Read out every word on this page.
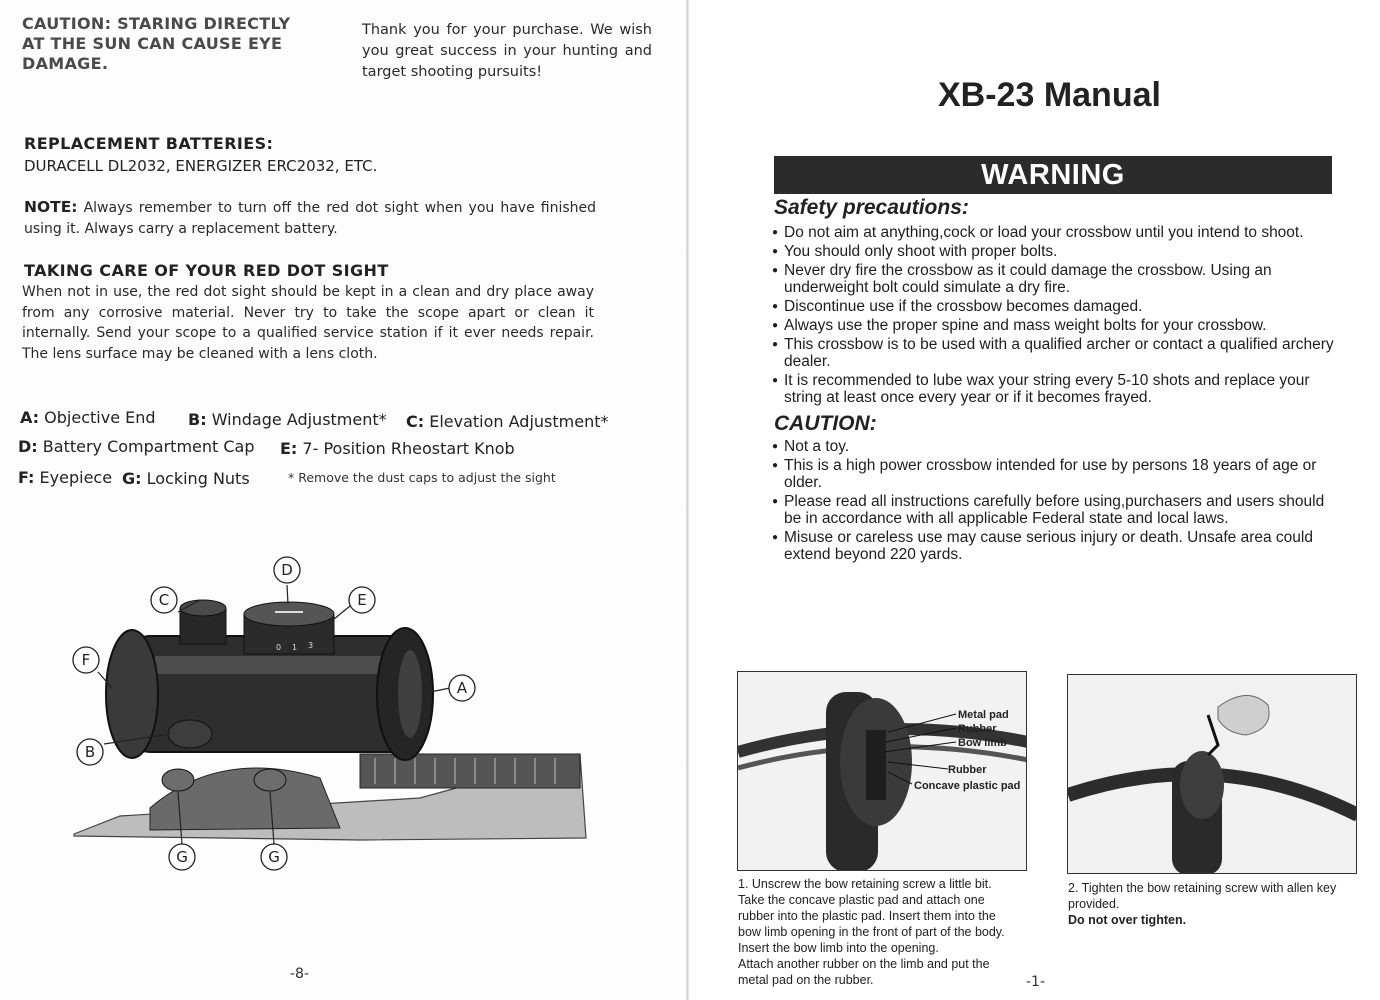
CAUTION: STARING DIRECTLY
AT THE SUN CAN CAUSE EYE
DAMAGE.
Thank you for your purchase. We wish you great success in your hunting and target shooting pursuits!
REPLACEMENT BATTERIES:
DURACELL DL2032, ENERGIZER ERC2032, ETC.
NOTE: Always remember to turn off the red dot sight when you have finished using it. Always carry a replacement battery.
TAKING CARE OF YOUR RED DOT SIGHT
When not in use, the red dot sight should be kept in a clean and dry place away from any corrosive material. Never try to take the scope apart or clean it internally. Send your scope to a qualified service station if it ever needs repair. The lens surface may be cleaned with a lens cloth.
A: Objective End B: Windage Adjustment* C: Elevation Adjustment*
D: Battery Compartment Cap E: 7- Position Rheostart Knob
F: Eyepiece G: Locking Nuts	* Remove the dust caps to adjust the sight
0 1 3
C
D
E
F
A
B
G	G
-8-
XB-23 Manual
WARNING
Safety precautions:
● Do not aim at anything,cock or load your crossbow until you intend to shoot.
● You should only shoot with proper bolts.
● Never dry fire the crossbow as it could damage the crossbow. Using an underweight bolt could simulate a dry fire.
● Discontinue use if the crossbow becomes damaged.
● Always use the proper spine and mass weight bolts for your crossbow.
● This crossbow is to be used with a qualified archer or contact a qualified archery dealer.
● It is recommended to lube wax your string every 5-10 shots and replace your string at least once every year or if it becomes frayed.
CAUTION:
● Not a toy.
● This is a high power crossbow intended for use by persons 18 years of age or older.
● Please read all instructions carefully before using,purchasers and users should be in accordance with all applicable Federal state and local laws.
● Misuse or careless use may cause serious injury or death. Unsafe area could extend beyond 220 yards.
Metal pad
Rubber
Bow limb
Rubber
Concave plastic pad
1. Unscrew the bow retaining screw a little bit.
Take the concave plastic pad and attach one
rubber into the plastic pad. Insert them into the
bow limb opening in the front of part of the body.
Insert the bow limb into the opening.
Attach another rubber on the limb and put the
metal pad on the rubber.
2. Tighten the bow retaining screw with allen key
provided.
Do not over tighten.
-1-
